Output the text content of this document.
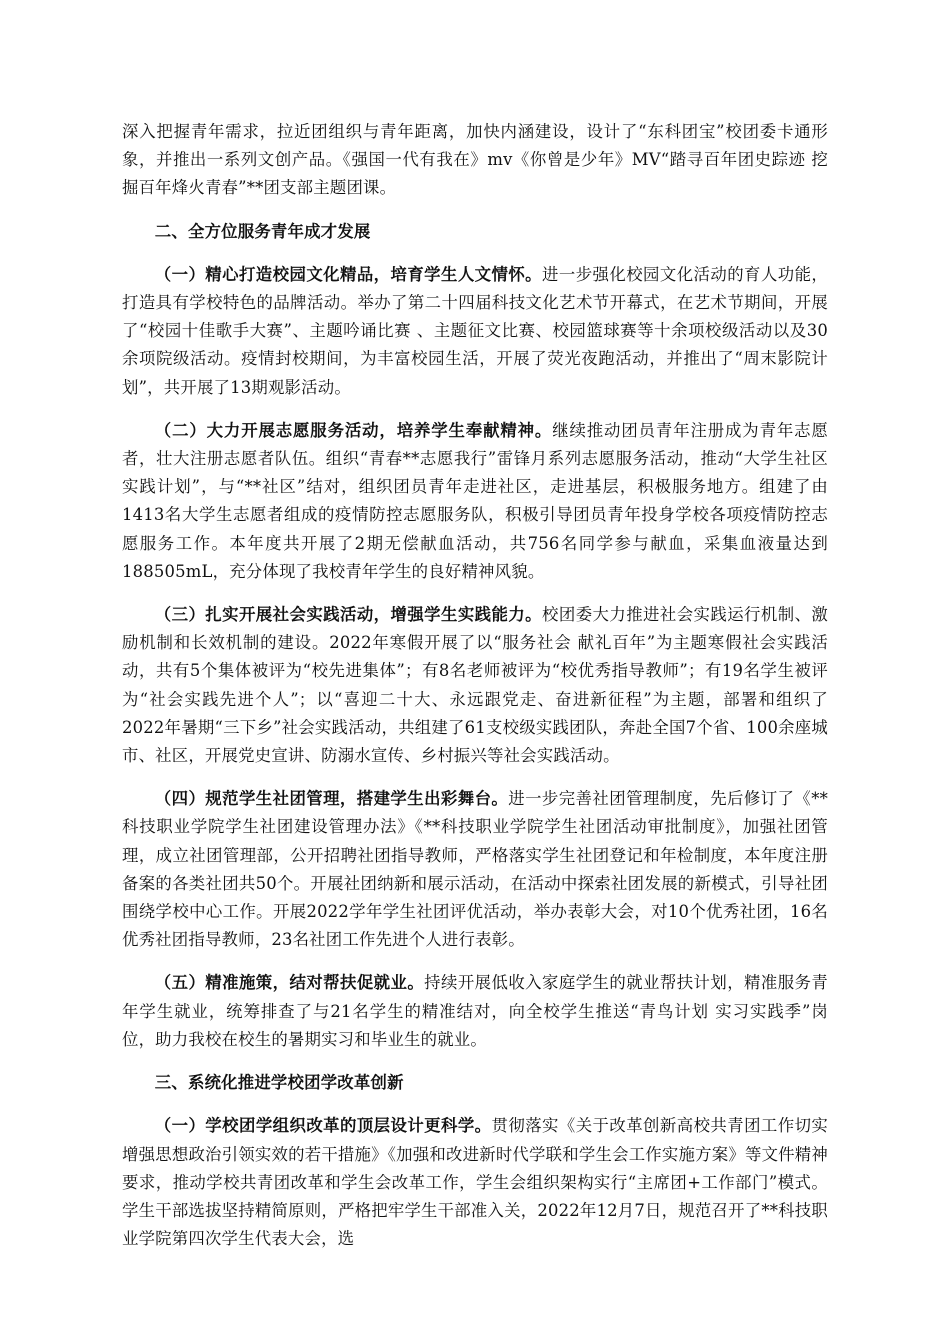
深入把握青年需求，拉近团组织与青年距离，加快内涵建设，设计了“东科团宝”校团委卡通形象，并推出一系列文创产品。《强国一代有我在》mv《你曾是少年》MV“踏寻百年团史踪迹 挖掘百年烽火青春”**团支部主题团课。

二、全方位服务青年成才发展

（一）精心打造校园文化精品，培育学生人文情怀。进一步强化校园文化活动的育人功能，打造具有学校特色的品牌活动。举办了第二十四届科技文化艺术节开幕式，在艺术节期间，开展了“校园十佳歌手大赛”、主题吟诵比赛 、主题征文比赛、校园篮球赛等十余项校级活动以及30余项院级活动。疫情封校期间，为丰富校园生活，开展了荧光夜跑活动，并推出了“周末影院计划”，共开展了13期观影活动。

（二）大力开展志愿服务活动，培养学生奉献精神。继续推动团员青年注册成为青年志愿者，壮大注册志愿者队伍。组织“青春**志愿我行”雷锋月系列志愿服务活动，推动“大学生社区实践计划”，与“**社区”结对，组织团员青年走进社区，走进基层，积极服务地方。组建了由1413名大学生志愿者组成的疫情防控志愿服务队，积极引导团员青年投身学校各项疫情防控志愿服务工作。本年度共开展了2期无偿献血活动，共756名同学参与献血，采集血液量达到188505mL，充分体现了我校青年学生的良好精神风貌。

（三）扎实开展社会实践活动，增强学生实践能力。校团委大力推进社会实践运行机制、激励机制和长效机制的建设。2022年寒假开展了以“服务社会 献礼百年”为主题寒假社会实践活动，共有5个集体被评为“校先进集体”；有8名老师被评为“校优秀指导教师”；有19名学生被评为“社会实践先进个人”；以“喜迎二十大、永远跟党走、奋进新征程”为主题，部署和组织了2022年暑期“三下乡”社会实践活动，共组建了61支校级实践团队，奔赴全国7个省、100余座城市、社区，开展党史宣讲、防溺水宣传、乡村振兴等社会实践活动。

（四）规范学生社团管理，搭建学生出彩舞台。进一步完善社团管理制度，先后修订了《**科技职业学院学生社团建设管理办法》《**科技职业学院学生社团活动审批制度》，加强社团管理，成立社团管理部，公开招聘社团指导教师，严格落实学生社团登记和年检制度，本年度注册备案的各类社团共50个。开展社团纳新和展示活动，在活动中探索社团发展的新模式，引导社团围绕学校中心工作。开展2022学年学生社团评优活动，举办表彰大会，对10个优秀社团，16名优秀社团指导教师，23名社团工作先进个人进行表彰。

（五）精准施策，结对帮扶促就业。持续开展低收入家庭学生的就业帮扶计划，精准服务青年学生就业，统筹排查了与21名学生的精准结对，向全校学生推送“青鸟计划 实习实践季”岗位，助力我校在校生的暑期实习和毕业生的就业。

三、系统化推进学校团学改革创新

（一）学校团学组织改革的顶层设计更科学。贯彻落实《关于改革创新高校共青团工作切实增强思想政治引领实效的若干措施》《加强和改进新时代学联和学生会工作实施方案》等文件精神要求，推动学校共青团改革和学生会改革工作，学生会组织架构实行“主席团+工作部门”模式。学生干部选拔坚持精简原则，严格把牢学生干部准入关，2022年12月7日，规范召开了**科技职业学院第四次学生代表大会，选
